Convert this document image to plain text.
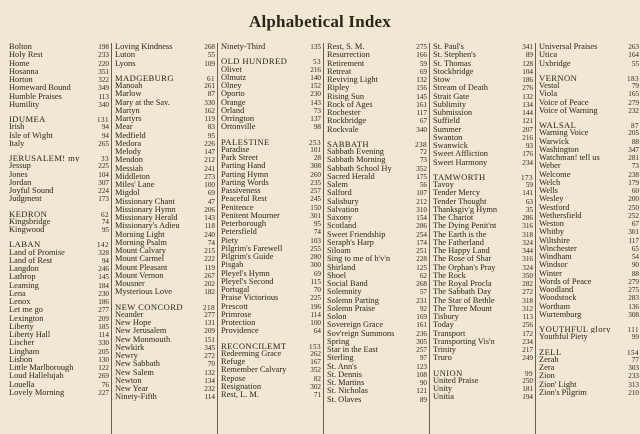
Alphabetical Index
Bolton	198
Holy Rest	233
Home	220
Hosanna	351
Horton	322
Homeward Bound	349
Humble Praises	113
Humility	340
IDUMEA	131
Irish	94
Isle of Wight	94
Italy	265
JERUSALEM! my	33
Jessup	225
Jones	104
Jordan	307
Joyful Sound	224
Judgment	173
KEDRON	62
Kingsbridge	74
Kingwood	95
LABAN	142
Land of Promise	328
Land of Rest	94
Langdon	246
Lathrop	145
Leaming	184
Lena	230
Lenox	186
Let me go	277
Lexington	209
Liberty	185
Liberty Hall	114
Lischer	330
Lingham	205
Lisbon	130
Little Marlborough	122
Loud Hallelujah	269
Louella	76
Lovely Morning	227
Loving Kindness	268
Luton	55
Lyons	109
MADGEBURG	61
Manoah	261
Marlow	87
Mary at the Sav.	330
Martyn	162
Martyrs	119
Mear	83
Medfield	95
Medora	226
Melody	147
Mendon	212
Messiah	241
Middleton	273
Miles' Lane	100
Migdol	69
Missionary Chant	47
Missionary Hymn	206
Missionary Herald	143
Missionary's Adieu	118
Morning Light	240
Morning Psalm	74
Mount Calvary	215
Mount Carmel	222
Mount Pleasant	119
Mount Vernon	267
Mousner	202
Mysterious Love	182
NEW CONCORD	218
Neander	277
New Hope	131
New Jerusalem	209
New Monmouth	151
Newkirk	345
Newry	272
New Sabbath	70
New Salem	132
Newton	134
New Year	232
Ninety-Fifth	114
Ninety-Third	135
OLD HUNDRED	53
Olivet	216
Olmutz	140
Olney	152
Oporto	230
Orange	143
Orland	73
Orrington	137
Ortonville	98
PALESTINE	253
Paradise	101
Park Street	28
Parting Hand	308
Parting Hymn	260
Parting Words	235
Passiveness	257
Peaceful Rest	245
Penitence	150
Penitent Mourner	301
Peterborough	95
Petersfield	74
Piety	103
Pilgrim's Farewell	255
Pilgrim's Guide	280
Pisgah	300
Pleyel's Hymn	69
Pleyel's Second	115
Portugal	70
Praise Victorious	225
Prescott	196
Primrose	114
Protection	100
Providence	64
RECONCILEMT	153
Redeeming Grace	262
Refuge	167
Remember Calvary	352
Repose	82
Resignation	302
Rest, L. M.	71
Rest, S. M.	275
Resurrection	166
Retirement	59
Retreat	69
Reviving Light	132
Ripley	156
Rising Sun	145
Rock of Ages	161
Rochester	117
Rockbridge	67
Rockvale	340
SABBATH	238
Sabbath Evening	72
Sabbath Morning	73
Sabbath School Hy	352
Sacred Herald	175
Salem	56
Salford	107
Salisbury	212
Salvation	310
Saxony	154
Scotland	286
Sweet Friendship	254
Seraph's Harp	174
Siloam	251
Sing to me of h'v'n	228
Shirland	125
Shoel	62
Social Band	268
Solemnity	57
Solemn Parting	231
Solemn Praise	92
Solon	169
Sovereign Grace	161
Sov'reign Summons	236
Spring	305
Star in the East	257
Sterling	97
St. Ann's	123
St. Dennis	108
St. Martins	90
St. Nicholas	121
St. Olaves	89
St. Paul's	341
St. Stephen's	89
St. Thomas	128
Stockbridge	104
Stow	186
Stream of Death	276
Strait Gate	132
Sublimity	134
Submission	144
Suffield	121
Summer	207
Swanton	216
Swanwick	93
Sweet Affliction	176
Sweet Harmony	234
TAMWORTH	173
Tavoy	59
Tender Mercy	141
Tender Thought	63
Thanksgiv'g Hymn	35
The Chariot	286
The Dying Penit'nt	316
The Earth is the	318
The Fatherland	324
The Happy Land	344
The Rose of Shar	316
The Orphan's Pray	324
The Rock	350
The Royal Procla	282
The Sabbath Day	272
The Star of Bethle	318
The Three Mount	312
Tisbury	113
Today	256
Transport	172
Transporting Vis'n	234
Trinity	217
Truro	249
UNION	99
United Praise	250
Unity	181
Unitia	194
Universal Praises	263
Utica	164
Uxbridge	55
VERNON	183
Vestal	79
Viola	165
Voice of Peace	279
Voice of Warning	232
WALSAL	87
Warning Voice	205
Warwick	88
Washington	347
Watchman! tell us	281
Weber	73
Welcome	238
Welch	179
Wells	60
Wesley	200
Westford	250
Wethersfield	252
Weston	67
Whitby	301
Wiltshire	117
Winchester	65
Windham	54
Windsor	90
Winter	88
Words of Peace	279
Woodland	275
Woodstock	283
Wortham	136
Wurtemburg	308
YOUTHFUL glory	111
Youthful Piety	99
ZELL	154
Zerah	77
Zera	303
Zion	233
Zion' Light	313
Zion's Pilgrim	210
